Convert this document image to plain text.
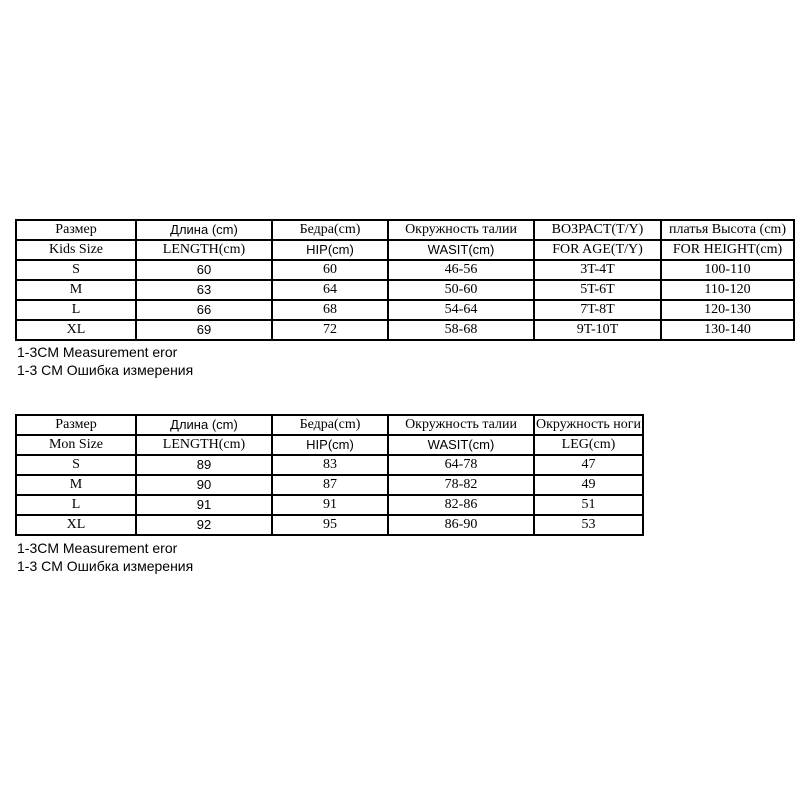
Размер	Длина (cm)	Бедра(cm)	Окружность талии	ВОЗРАСТ(T/Y)	платья Высота (cm)
Kids Size	LENGTH(cm)	HIP(cm)	WASIT(cm)	FOR AGE(T/Y)	FOR HEIGHT(cm)
S	60	60	46-56	3T-4T	100-110
M	63	64	50-60	5T-6T	110-120
L	66	68	54-64	7T-8T	120-130
XL	69	72	58-68	9T-10T	130-140
1-3CM Measurement eror
1-3 CM Ошибка измерения
Размер	Длина (cm)	Бедра(cm)	Окружность талии	Окружность ноги
Mon Size	LENGTH(cm)	HIP(cm)	WASIT(cm)	LEG(cm)
S	89	83	64-78	47
M	90	87	78-82	49
L	91	91	82-86	51
XL	92	95	86-90	53
1-3CM Measurement eror
1-3 CM Ошибка измерения
